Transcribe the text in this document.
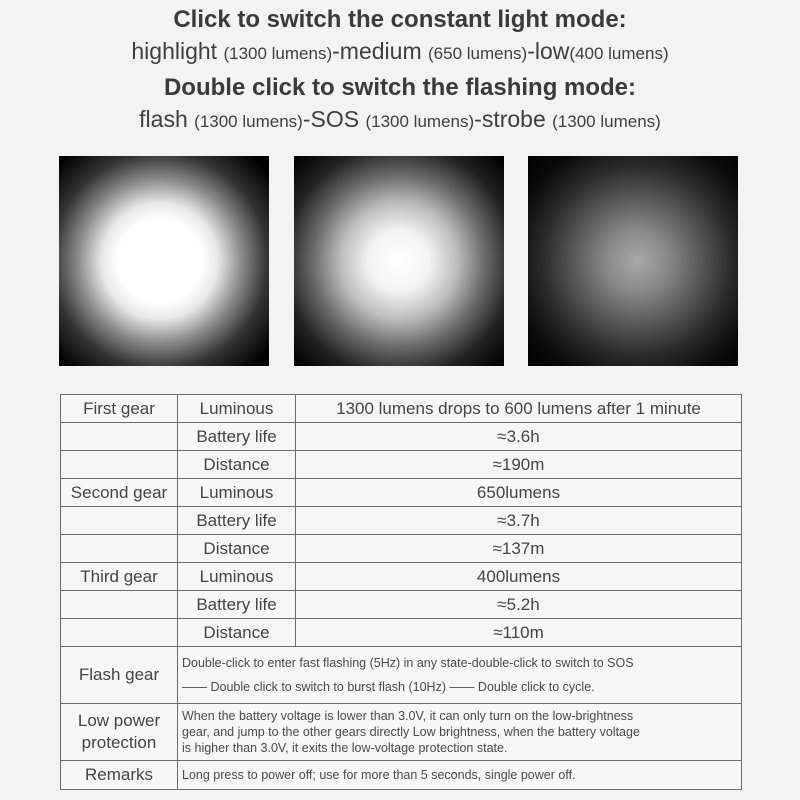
Click to switch the constant light mode:
highlight (1300 lumens)-medium (650 lumens)-low(400 lumens)
Double click to switch the flashing mode:
flash (1300 lumens)-SOS (1300 lumens)-strobe (1300 lumens)
First gear	Luminous	1300 lumens drops to 600 lumens after 1 minute
	Battery life	≈3.6h
	Distance	≈190m
Second gear	Luminous	650lumens
	Battery life	≈3.7h
	Distance	≈137m
Third gear	Luminous	400lumens
	Battery life	≈5.2h
	Distance	≈110m
Flash gear	Double-click to enter fast flashing (5Hz) in any state-double-click to switch to SOS
—— Double click to switch to burst flash (10Hz) —— Double click to cycle.	

Low power
protection	When the battery voltage is lower than 3.0V, it can only turn on the low-brightness
gear, and jump to the other gears directly Low brightness, when the battery voltage
is higher than 3.0V, it exits the low-voltage protection state.	

Remarks	Long press to power off; use for more than 5 seconds, single power off.	
